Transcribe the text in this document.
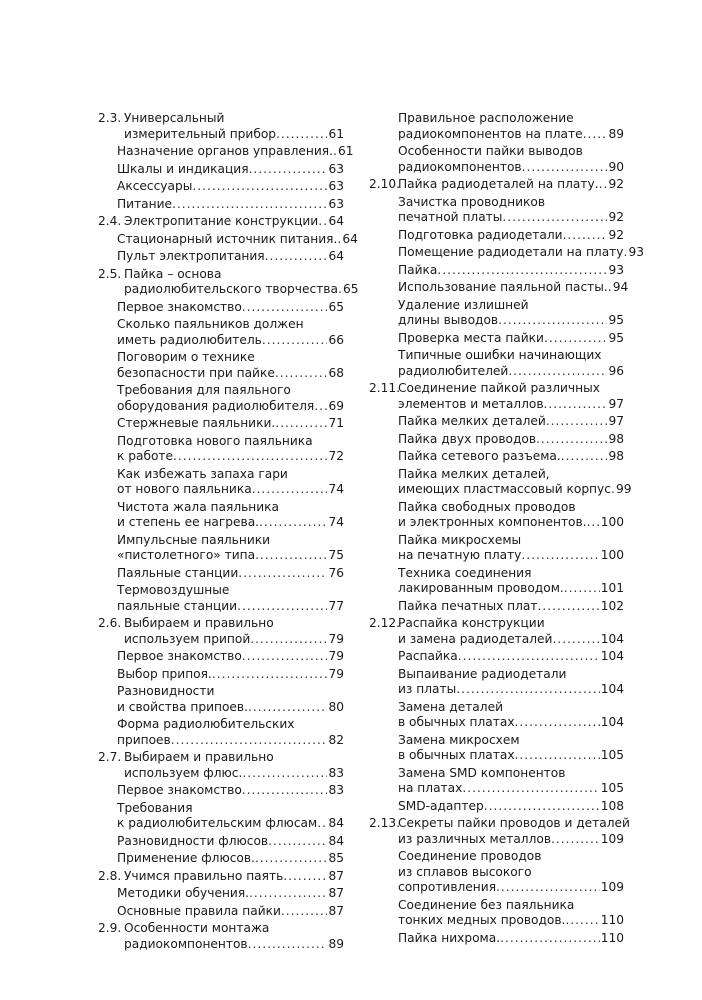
2.3. Универсальный
измерительный прибор .....	61
Назначение органов управления. ..... 61
Шкалы и индикация .....	63
Аксессуары .....	63
Питание .....	63
2.4. Электропитание конструкции ..... 64
Стационарный источник питания. ..... 64
Пульт электропитания .....	64
2.5. Пайка – основа
радиолюбительского творчества ..... 65
Первое знакомство .....	65
Сколько паяльников должен
иметь радиолюбитель .....	66
Поговорим о технике
безопасности при пайке .....	68
Требования для паяльного
оборудования радиолюбителя ..... 69
Стержневые паяльники. .....	71
Подготовка нового паяльника
к работе .....	72
Как избежать запаха гари
от нового паяльника .....	74
Чистота жала паяльника
и степень ее нагрева. .....	74
Импульсные паяльники
«пистолетного» типа .....	75
Паяльные станции .....	76
Термовоздушные
паяльные станции .....	77
2.6. Выбираем и правильно
используем припой .....	79
Первое знакомство .....	79
Выбор припоя. .....	79
Разновидности
и свойства припоев. .....	80
Форма радиолюбительских
припоев .....	82
2.7. Выбираем и правильно
используем флюс. .....	83
Первое знакомство .....	83
Требования
к радиолюбительским флюсам ..... 84
Разновидности флюсов .....	84
Применение флюсов. .....	85
2.8. Учимся правильно паять .....	87
Методики обучения. .....	87
Основные правила пайки .....	87
2.9. Особенности монтажа
радиокомпонентов .....	89
Правильное расположение
радиокомпонентов на плате ..... 89
Особенности пайки выводов
радиокомпонентов .....	90
2.10.
Пайка радиодеталей на плату. ..... 92
Зачистка проводников
печатной платы .....	92
Подготовка радиодетали .....	92
Помещение радиодетали на плату ..... 93
Пайка .....	93
Использование паяльной пасты. ..... 94
Удаление излишней
длины выводов .....	95
Проверка места пайки .....	95
Типичные ошибки начинающих
радиолюбителей .....	96
2.11.
Соединение пайкой различных
элементов и металлов .....	97
Пайка мелких деталей .....	97
Пайка двух проводов .....	98
Пайка сетевого разъема. .....	98
Пайка мелких деталей,
имеющих пластмассовый корпус ..... 99
Пайка свободных проводов
и электронных компонентов. ..... 100
Пайка микросхемы
на печатную плату .....	100
Техника соединения
лакированным проводом. .....	101
Пайка печатных плат .....	102
2.12.
Распайка конструкции
и замена радиодеталей .....	104
Распайка .....	104
Выпаивание радиодетали
из платы .....	104
Замена деталей
в обычных платах .....	104
Замена микросхем
в обычных платах .....	105
Замена SMD компонентов
на платах .....	105
SMD-адаптер .....	108
2.13.
Секреты пайки проводов и деталей
из различных металлов .....	109
Соединение проводов
из сплавов высокого
сопротивления .....	109
Соединение без паяльника
тонких медных проводов. .....	110
Пайка нихрома. .....	110
